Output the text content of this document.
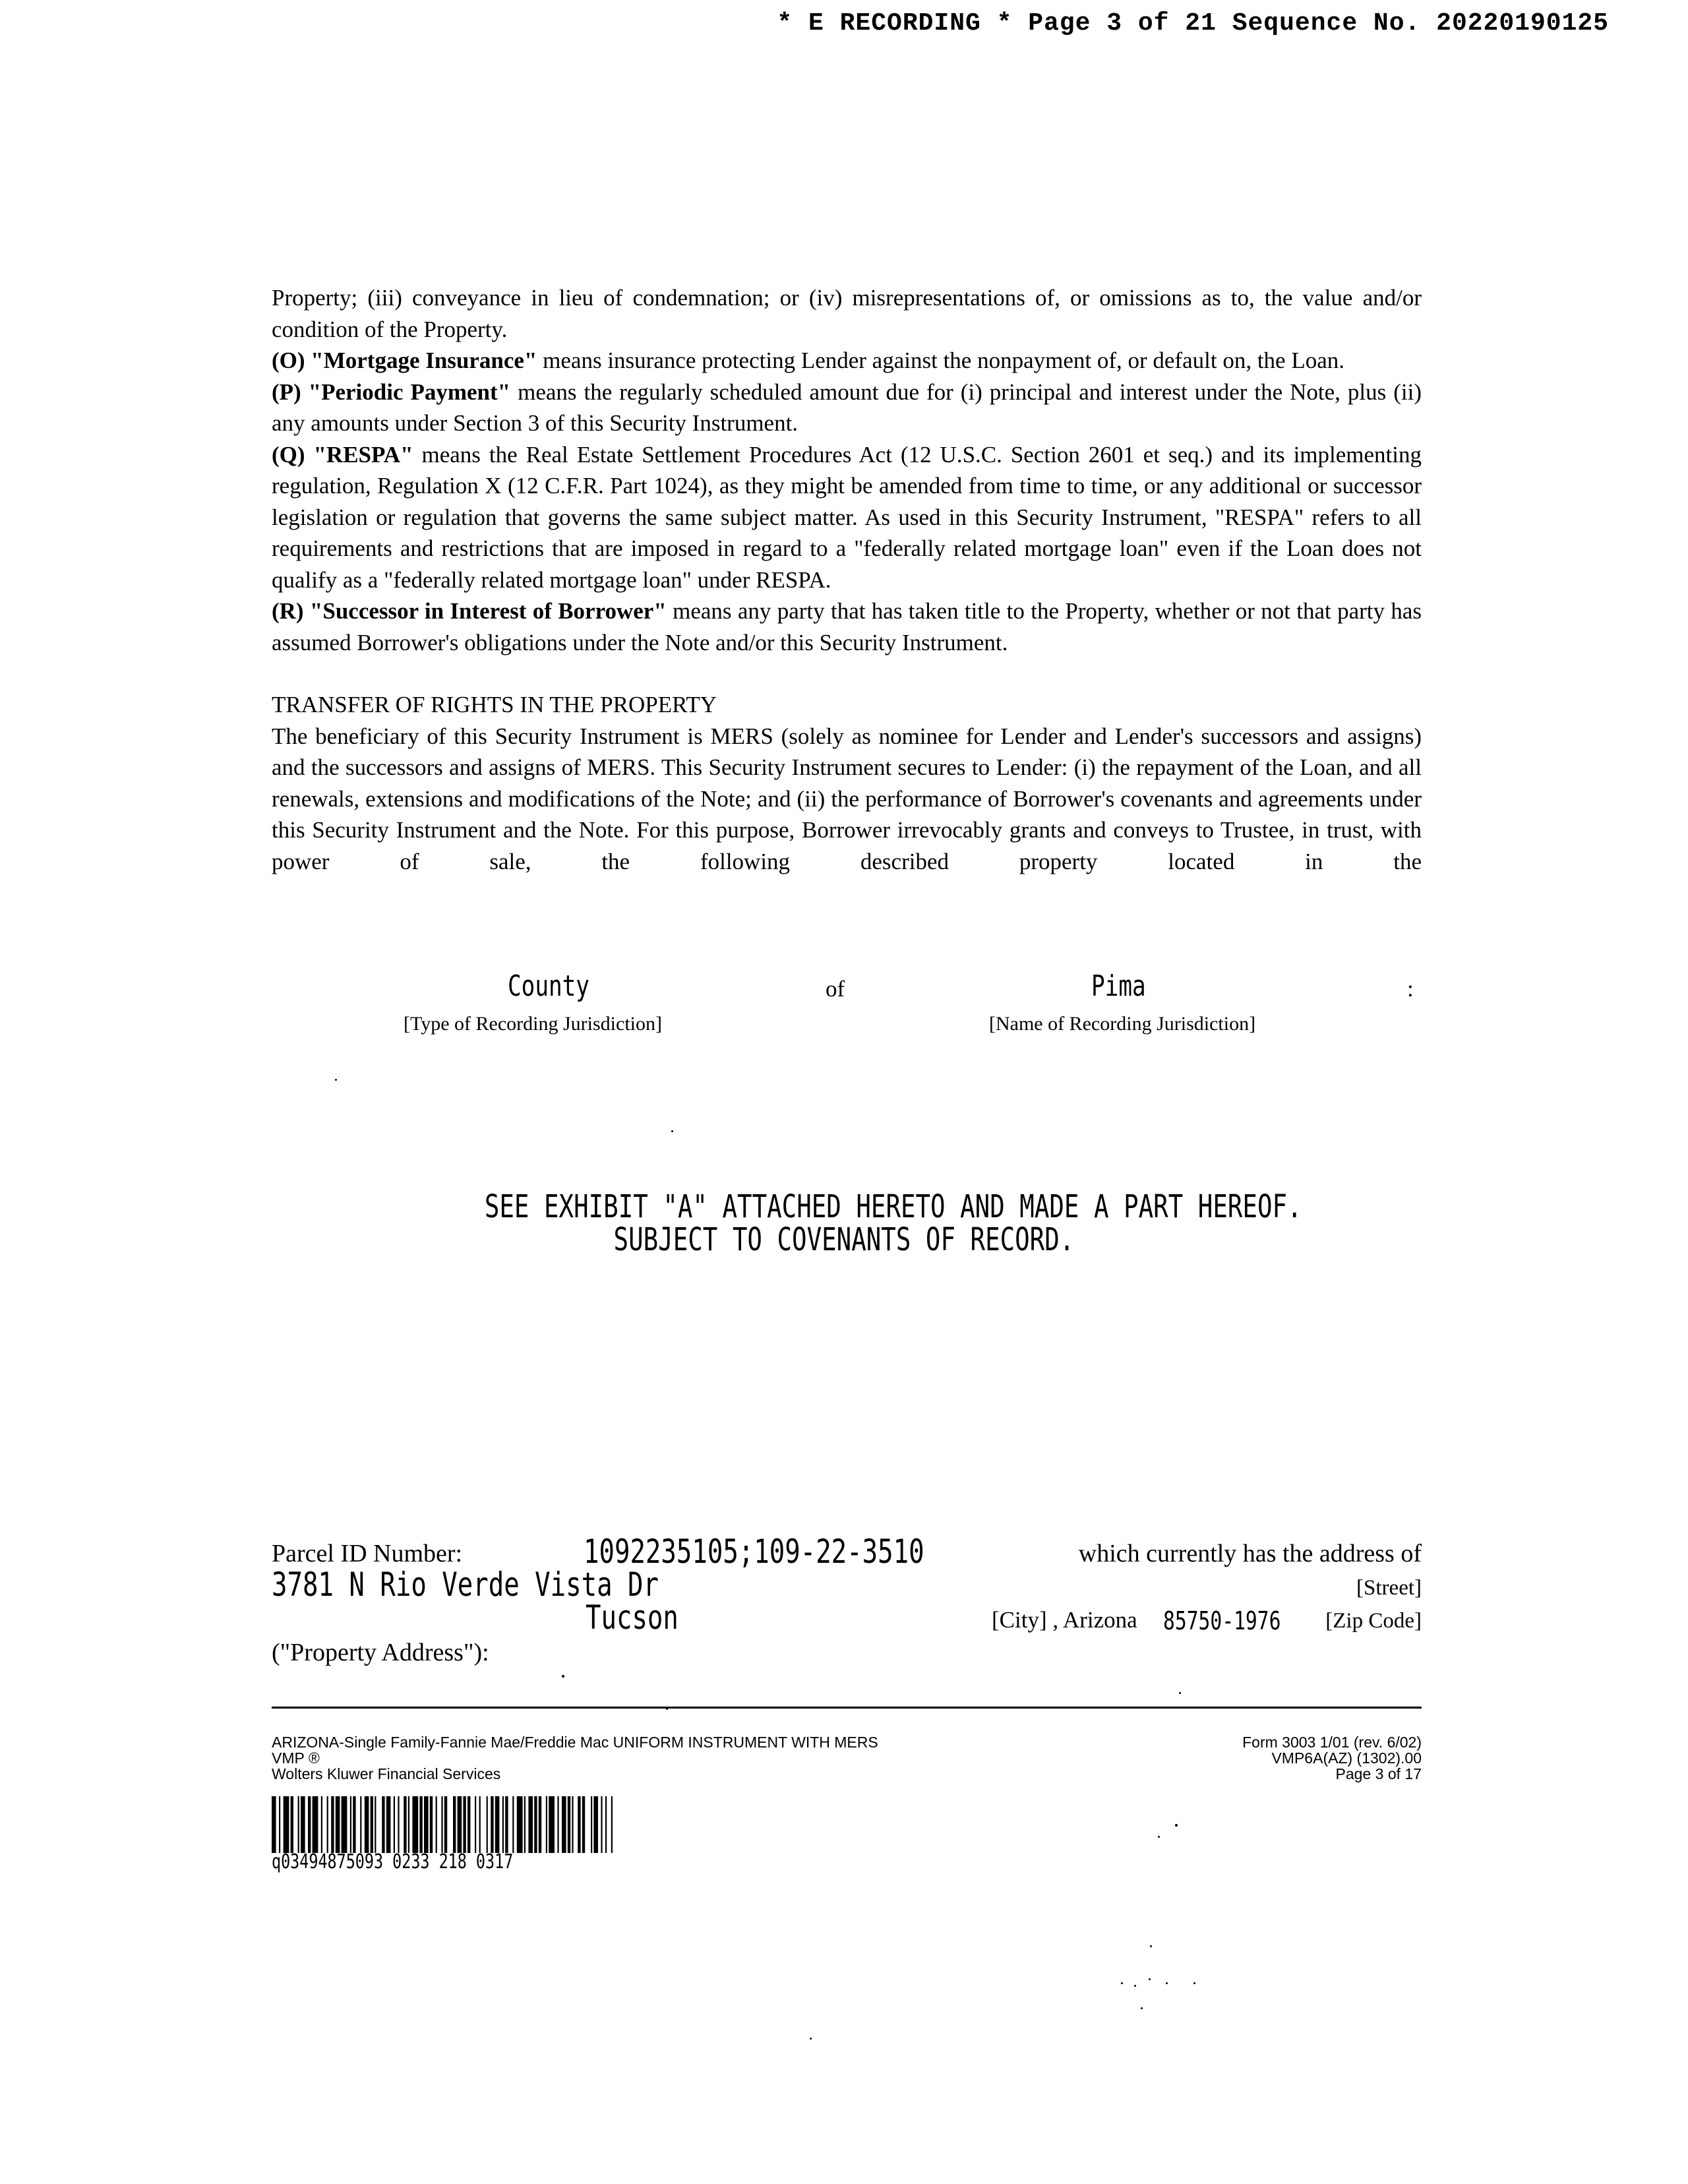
* E RECORDING * Page 3 of 21 Sequence No. 20220190125

Property; (iii) conveyance in lieu of condemnation; or (iv) misrepresentations of, or omissions as to, the value and/or condition of the Property.

(O) "Mortgage Insurance" means insurance protecting Lender against the nonpayment of, or default on, the Loan.

(P) "Periodic Payment" means the regularly scheduled amount due for (i) principal and interest under the Note, plus (ii) any amounts under Section 3 of this Security Instrument.

(Q) "RESPA" means the Real Estate Settlement Procedures Act (12 U.S.C. Section 2601 et seq.) and its implementing regulation, Regulation X (12 C.F.R. Part 1024), as they might be amended from time to time, or any additional or successor legislation or regulation that governs the same subject matter. As used in this Security Instrument, "RESPA" refers to all requirements and restrictions that are imposed in regard to a "federally related mortgage loan" even if the Loan does not qualify as a "federally related mortgage loan" under RESPA.

(R) "Successor in Interest of Borrower" means any party that has taken title to the Property, whether or not that party has assumed Borrower's obligations under the Note and/or this Security Instrument.

TRANSFER OF RIGHTS IN THE PROPERTY

The beneficiary of this Security Instrument is MERS (solely as nominee for Lender and Lender's successors and assigns) and the successors and assigns of MERS. This Security Instrument secures to Lender: (i) the repayment of the Loan, and all renewals, extensions and modifications of the Note; and (ii) the performance of Borrower's covenants and agreements under this Security Instrument and the Note. For this purpose, Borrower irrevocably grants and conveys to Trustee, in trust, with power of sale, the following described property located in the

County	of	Pima	:
[Type of Recording Jurisdiction]	[Name of Recording Jurisdiction]
SEE EXHIBIT "A" ATTACHED HERETO AND MADE A PART HEREOF.
SUBJECT TO COVENANTS OF RECORD.
Parcel ID Number:	1092235105;109-22-3510	which currently has the address of
3781 N Rio Verde Vista Dr	[Street]
Tucson	[City] , Arizona 85750-1976 [Zip Code]
("Property Address"):
ARIZONA-Single Family-Fannie Mae/Freddie Mac UNIFORM INSTRUMENT WITH MERS
VMP ®
Wolters Kluwer Financial Services
Form 3003 1/01 (rev. 6/02)
VMP6A(AZ) (1302).00
Page 3 of 17
q03494875093 0233 218 0317
